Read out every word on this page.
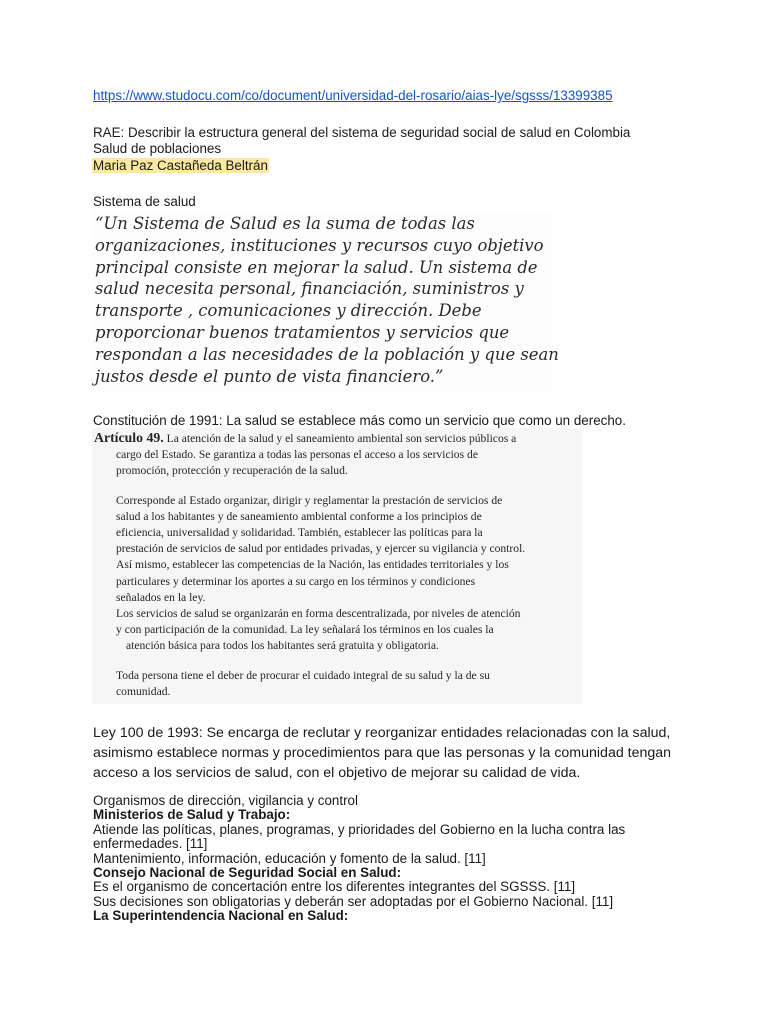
https://www.studocu.com/co/document/universidad-del-rosario/aias-lye/sgsss/13399385
RAE: Describir la estructura general del sistema de seguridad social de salud en Colombia
Salud de poblaciones
Maria Paz Castañeda Beltrán
Sistema de salud
“Un Sistema de Salud es la suma de todas las
organizaciones, instituciones y recursos cuyo objetivo
principal consiste en mejorar la salud. Un sistema de
salud necesita personal, financiación, suministros y
transporte , comunicaciones y dirección. Debe
proporcionar buenos tratamientos y servicios que
respondan a las necesidades de la población y que sean
justos desde el punto de vista financiero.”
Constitución de 1991: La salud se establece más como un servicio que como un derecho.
Artículo 49. La atención de la salud y el saneamiento ambiental son servicios públicos a
cargo del Estado. Se garantiza a todas las personas el acceso a los servicios de
promoción, protección y recuperación de la salud.
Corresponde al Estado organizar, dirigir y reglamentar la prestación de servicios de
salud a los habitantes y de saneamiento ambiental conforme a los principios de
eficiencia, universalidad y solidaridad. También, establecer las políticas para la
prestación de servicios de salud por entidades privadas, y ejercer su vigilancia y control.
Así mismo, establecer las competencias de la Nación, las entidades territoriales y los
particulares y determinar los aportes a su cargo en los términos y condiciones
señalados en la ley.
Los servicios de salud se organizarán en forma descentralizada, por niveles de atención
y con participación de la comunidad. La ley señalará los términos en los cuales la
atención básica para todos los habitantes será gratuita y obligatoria.
Toda persona tiene el deber de procurar el cuidado integral de su salud y la de su
comunidad.
Ley 100 de 1993: Se encarga de reclutar y reorganizar entidades relacionadas con la salud,
asimismo establece normas y procedimientos para que las personas y la comunidad tengan
acceso a los servicios de salud, con el objetivo de mejorar su calidad de vida.
Organismos de dirección, vigilancia y control
Ministerios de Salud y Trabajo:
Atiende las políticas, planes, programas, y prioridades del Gobierno en la lucha contra las
enfermedades. [11]
Mantenimiento, información, educación y fomento de la salud. [11]
Consejo Nacional de Seguridad Social en Salud:
Es el organismo de concertación entre los diferentes integrantes del SGSSS. [11]
Sus decisiones son obligatorias y deberán ser adoptadas por el Gobierno Nacional. [11]
La Superintendencia Nacional en Salud:
